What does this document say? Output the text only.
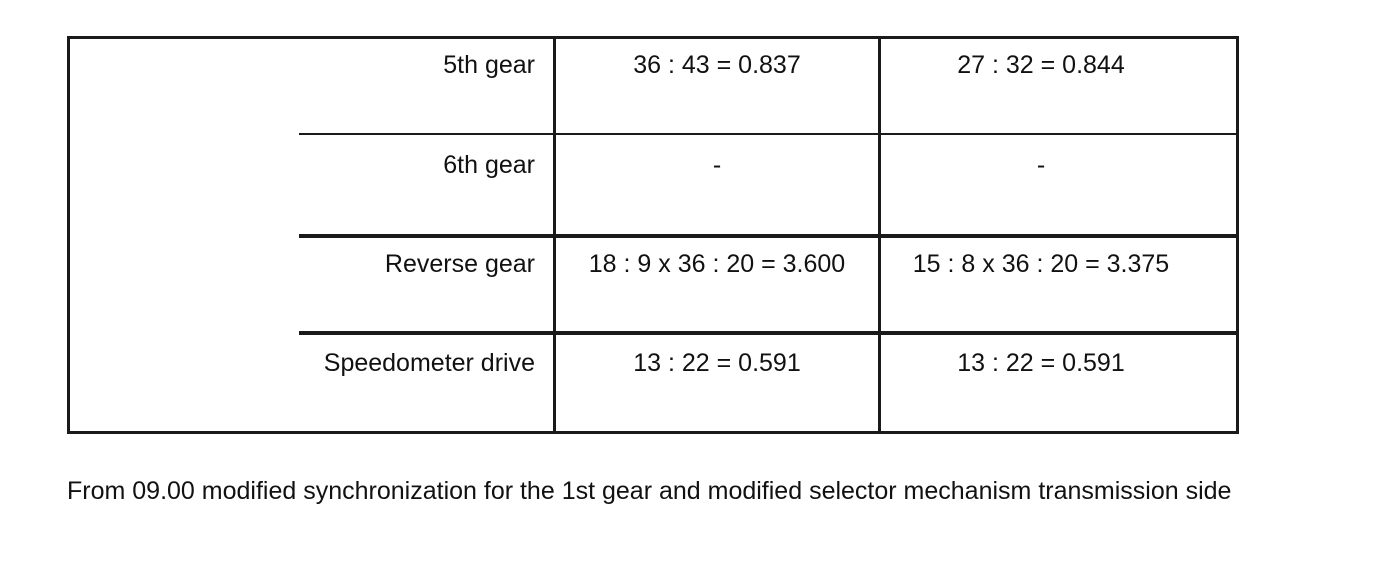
5th gear	36 : 43 = 0.837	27 : 32 = 0.844
6th gear	-	-
Reverse gear	18 : 9 x 36 : 20 = 3.600	15 : 8 x 36 : 20 = 3.375
Speedometer drive	13 : 22 = 0.591	13 : 22 = 0.591
From 09.00 modified synchronization for the 1st gear and modified selector mechanism transmission side
